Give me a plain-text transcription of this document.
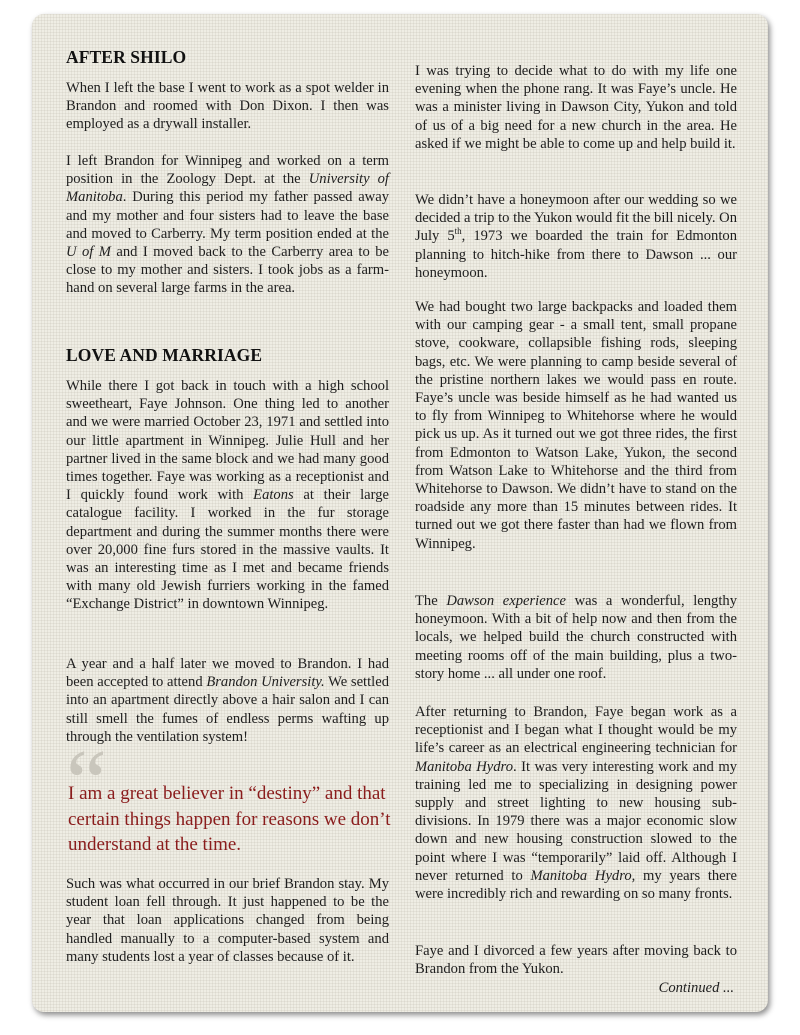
AFTER SHILO

When I left the base I went to work as a spot welder in Brandon and roomed with Don Dixon. I then was employed as a drywall installer.

I left Brandon for Winnipeg and worked on a term position in the Zoology Dept. at the University of Manitoba. During this period my father passed away and my mother and four sisters had to leave the base and moved to Carberry. My term position ended at the U of M and I moved back to the Carberry area to be close to my mother and sisters. I took jobs as a farm-hand on several large farms in the area.

LOVE AND MARRIAGE

While there I got back in touch with a high school sweetheart, Faye Johnson. One thing led to another and we were married October 23, 1971 and settled into our little apartment in Winnipeg. Julie Hull and her partner lived in the same block and we had many good times together. Faye was working as a receptionist and I quickly found work with Eatons at their large catalogue facility. I worked in the fur storage department and during the summer months there were over 20,000 fine furs stored in the massive vaults. It was an interesting time as I met and became friends with many old Jewish furriers working in the famed “Exchange District” in downtown Winnipeg.

A year and a half later we moved to Brandon. I had been accepted to attend Brandon University. We settled into an apartment directly above a hair salon and I can still smell the fumes of endless perms wafting up through the ventilation system!

“

I am a great believer in “destiny” and that certain things happen for reasons we don’t understand at the time.

Such was what occurred in our brief Brandon stay. My student loan fell through. It just happened to be the year that loan applications changed from being handled manually to a computer-based system and many students lost a year of classes because of it.

I was trying to decide what to do with my life one evening when the phone rang. It was Faye’s uncle. He was a minister living in Dawson City, Yukon and told of us of a big need for a new church in the area. He asked if we might be able to come up and help build it.

We didn’t have a honeymoon after our wedding so we decided a trip to the Yukon would fit the bill nicely. On July 5th, 1973 we boarded the train for Edmonton planning to hitch-hike from there to Dawson ... our honeymoon.

We had bought two large backpacks and loaded them with our camping gear - a small tent, small propane stove, cookware, collapsible fishing rods, sleeping bags, etc. We were planning to camp beside several of the pristine northern lakes we would pass en route. Faye’s uncle was beside himself as he had wanted us to fly from Winnipeg to Whitehorse where he would pick us up. As it turned out we got three rides, the first from Edmonton to Watson Lake, Yukon, the second from Watson Lake to Whitehorse and the third from Whitehorse to Dawson. We didn’t have to stand on the roadside any more than 15 minutes between rides. It turned out we got there faster than had we flown from Winnipeg.

The Dawson experience was a wonderful, lengthy honeymoon. With a bit of help now and then from the locals, we helped build the church constructed with meeting rooms off of the main building, plus a two-story home ... all under one roof.

After returning to Brandon, Faye began work as a receptionist and I began what I thought would be my life’s career as an electrical engineering technician for Manitoba Hydro. It was very interesting work and my training led me to specializing in designing power supply and street lighting to new housing sub-divisions. In 1979 there was a major economic slow down and new housing construction slowed to the point where I was “temporarily” laid off. Although I never returned to Manitoba Hydro, my years there were incredibly rich and rewarding on so many fronts.

Faye and I divorced a few years after moving back to Brandon from the Yukon.

Continued ...
